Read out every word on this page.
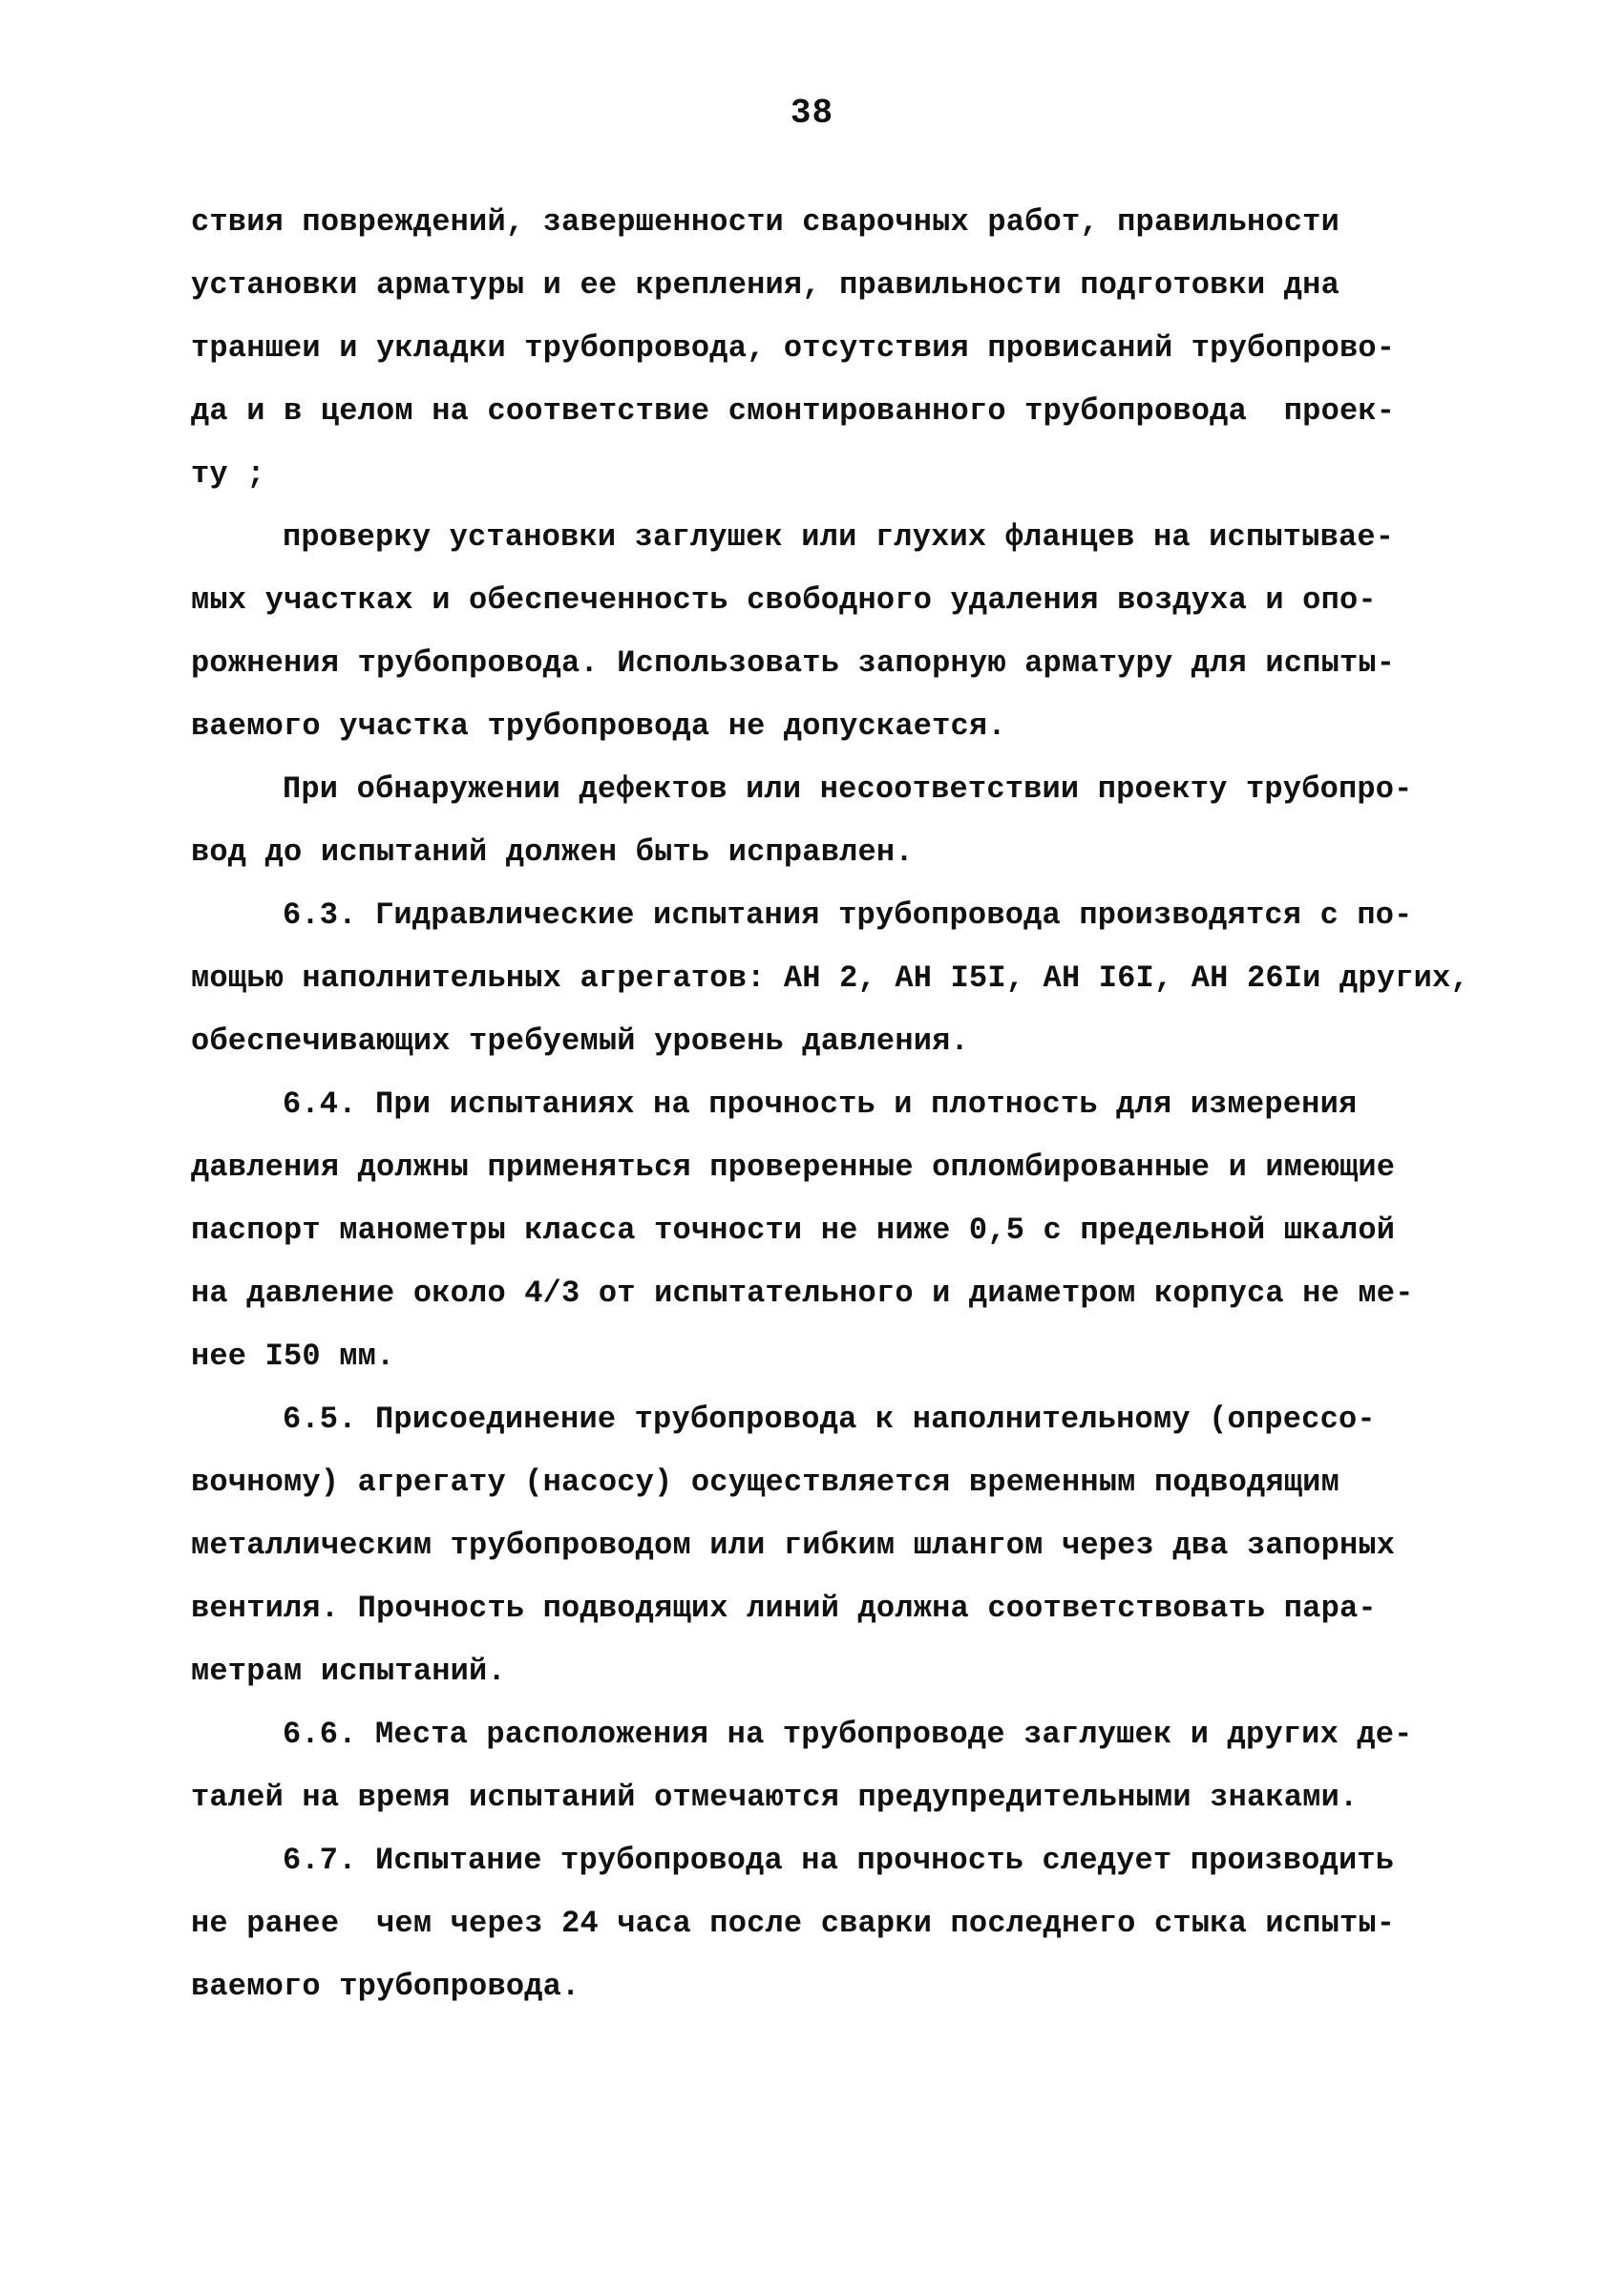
38
ствия повреждений, завершенности сварочных работ, правильности
установки арматуры и ее крепления, правильности подготовки дна
траншеи и укладки трубопровода, отсутствия провисаний трубопрово-
да и в целом на соответствие смонтированного трубопровода  проек-
ту ;
проверку установки заглушек или глухих фланцев на испытывае-
мых участках и обеспеченность свободного удаления воздуха и опо-
рожнения трубопровода. Использовать запорную арматуру для испыты-
ваемого участка трубопровода не допускается.
При обнаружении дефектов или несоответствии проекту трубопро-
вод до испытаний должен быть исправлен.
6.3. Гидравлические испытания трубопровода производятся с по-
мощью наполнительных агрегатов: АН 2, АН I5I, АН I6I, АН 26Iи других,
обеспечивающих требуемый уровень давления.
6.4. При испытаниях на прочность и плотность для измерения
давления должны применяться проверенные опломбированные и имеющие
паспорт манометры класса точности не ниже 0,5 с предельной шкалой
на давление около 4/3 от испытательного и диаметром корпуса не ме-
нее I50 мм.
6.5. Присоединение трубопровода к наполнительному (опрессо-
вочному) агрегату (насосу) осуществляется временным подводящим
металлическим трубопроводом или гибким шлангом через два запорных
вентиля. Прочность подводящих линий должна соответствовать пара-
метрам испытаний.
6.6. Места расположения на трубопроводе заглушек и других де-
талей на время испытаний отмечаются предупредительными знаками.
6.7. Испытание трубопровода на прочность следует производить
не ранее  чем через 24 часа после сварки последнего стыка испыты-
ваемого трубопровода.
